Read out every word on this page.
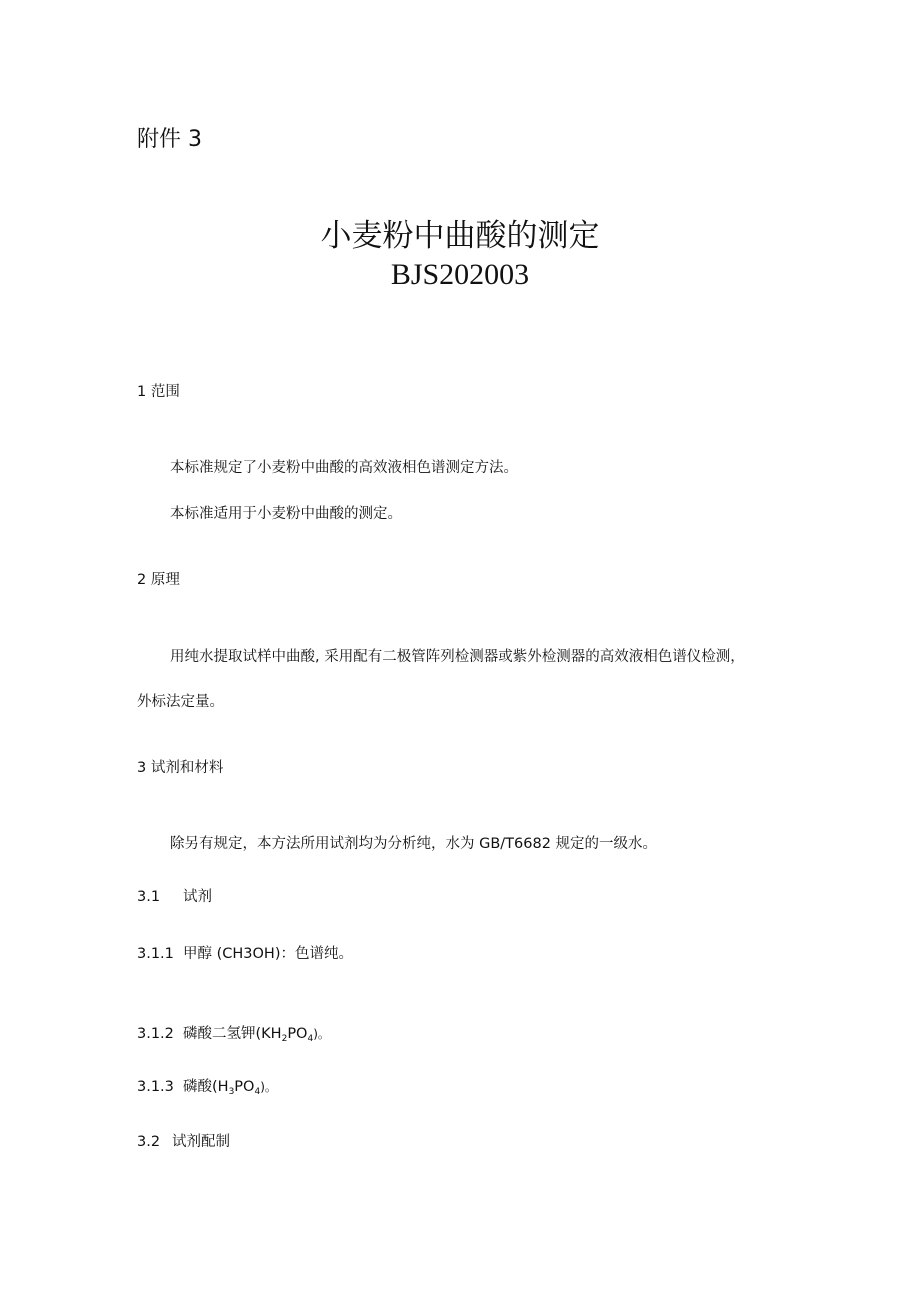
附件 3
小麦粉中曲酸的测定
BJS202003
1 范围
本标准规定了小麦粉中曲酸的高效液相色谱测定方法。
本标准适用于小麦粉中曲酸的测定。
2 原理
用纯水提取试样中曲酸, 采用配有二极管阵列检测器或紫外检测器的高效液相色谱仪检测，
外标法定量。
3 试剂和材料
除另有规定，本方法所用试剂均为分析纯，水为 GB/T6682 规定的一级水。
3.1 试剂
3.1.1 甲醇 (CH3OH)：色谱纯。
3.1.2 磷酸二氢钾$(KH_2PO_4)$。
3.1.3 磷酸$(H_3PO_4)$。
3.2 试剂配制
